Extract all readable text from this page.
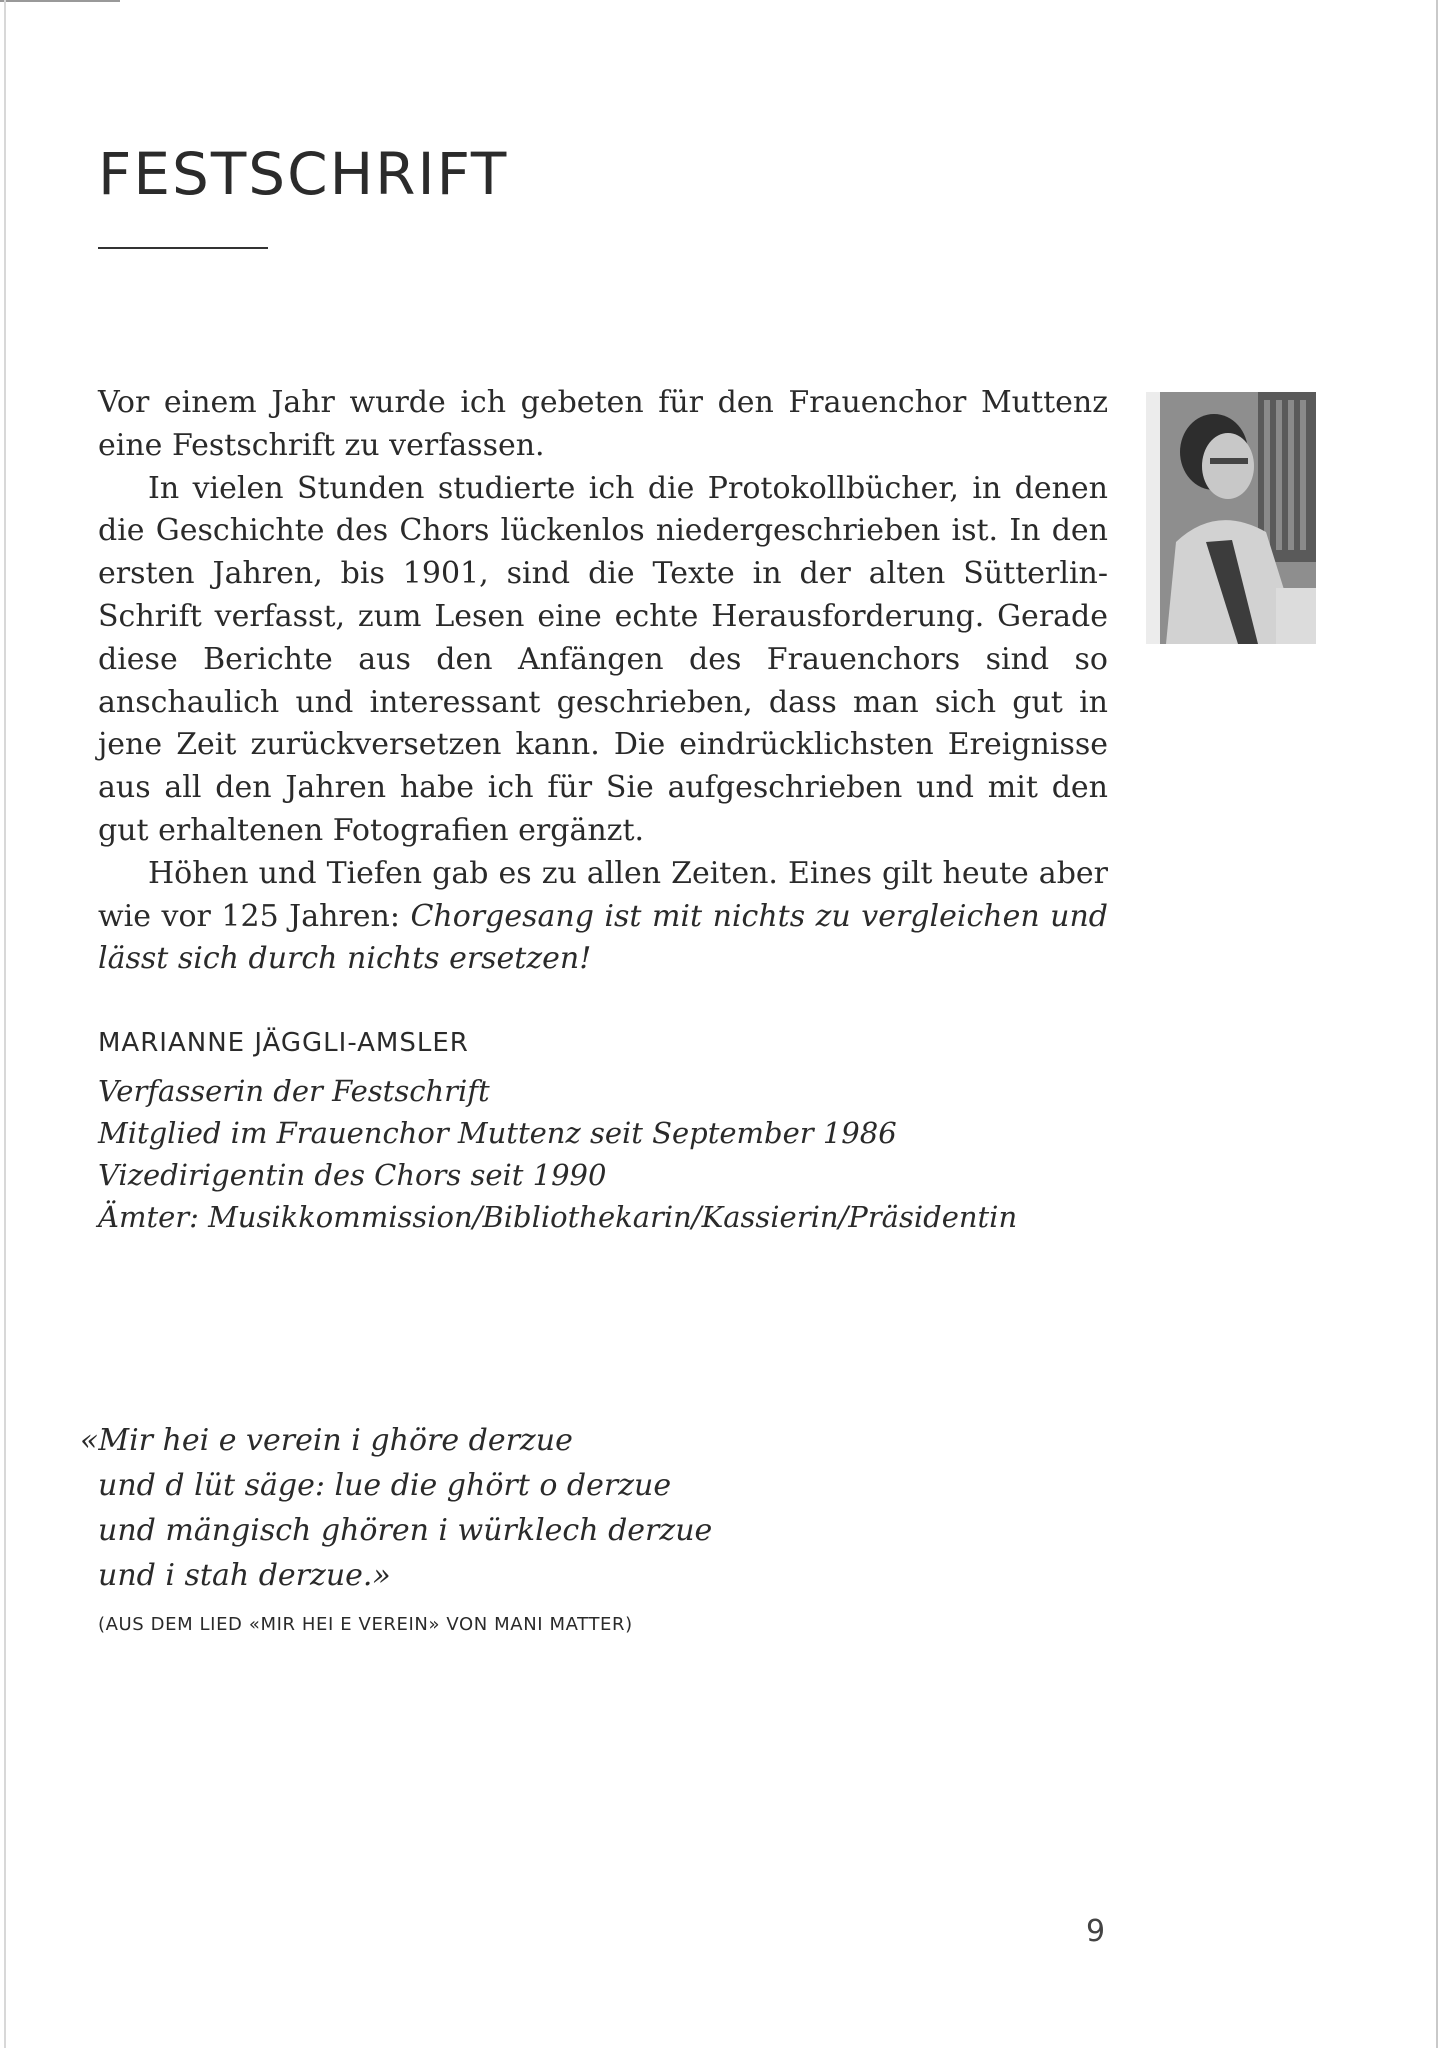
FESTSCHRIFT

Vor einem Jahr wurde ich gebeten für den Frauenchor Muttenz eine Festschrift zu verfassen.

In vielen Stunden studierte ich die Protokollbücher, in denen die Geschichte des Chors lückenlos niedergeschrieben ist. In den ersten Jahren, bis 1901, sind die Texte in der alten Sütterlin-Schrift verfasst, zum Lesen eine echte Herausforderung. Gerade diese Berichte aus den Anfängen des Frauenchors sind so anschaulich und interessant geschrieben, dass man sich gut in jene Zeit zurückversetzen kann. Die eindrücklichsten Ereignisse aus all den Jahren habe ich für Sie aufgeschrieben und mit den gut erhaltenen Fotografien ergänzt.

Höhen und Tiefen gab es zu allen Zeiten. Eines gilt heute aber wie vor 125 Jahren: Chorgesang ist mit nichts zu vergleichen und lässt sich durch nichts ersetzen!

MARIANNE JÄGGLI-AMSLER
Verfasserin der Festschrift
Mitglied im Frauenchor Muttenz seit September 1986
Vizedirigentin des Chors seit 1990
Ämter: Musikkommission/Bibliothekarin/Kassierin/Präsidentin
«Mir hei e verein i ghöre derzue
und d lüt säge: lue die ghört o derzue
und mängisch ghören i würklech derzue
und i stah derzue.»
(AUS DEM LIED «MIR HEI E VEREIN» VON MANI MATTER)
9
